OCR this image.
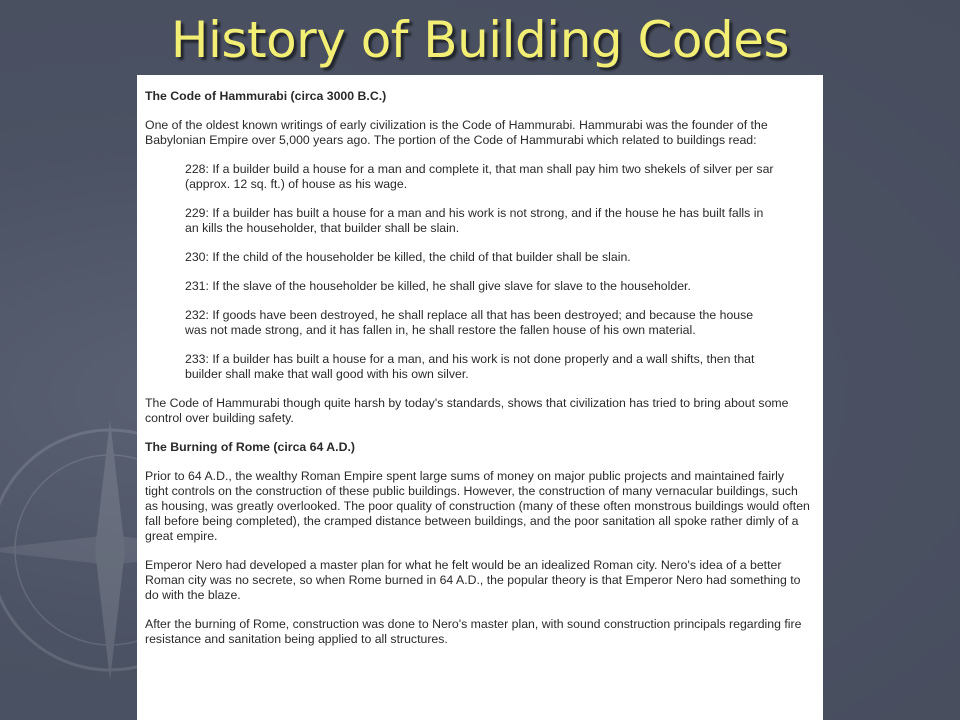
History of Building Codes

The Code of Hammurabi (circa 3000 B.C.)

One of the oldest known writings of early civilization is the Code of Hammurabi. Hammurabi was the founder of the Babylonian Empire over 5,000 years ago. The portion of the Code of Hammurabi which related to buildings read:

228: If a builder build a house for a man and complete it, that man shall pay him two shekels of silver per sar (approx. 12 sq. ft.) of house as his wage.

229: If a builder has built a house for a man and his work is not strong, and if the house he has built falls in an kills the householder, that builder shall be slain.

230: If the child of the householder be killed, the child of that builder shall be slain.

231: If the slave of the householder be killed, he shall give slave for slave to the householder.

232: If goods have been destroyed, he shall replace all that has been destroyed; and because the house was not made strong, and it has fallen in, he shall restore the fallen house of his own material.

233: If a builder has built a house for a man, and his work is not done properly and a wall shifts, then that builder shall make that wall good with his own silver.

The Code of Hammurabi though quite harsh by today's standards, shows that civilization has tried to bring about some control over building safety.

The Burning of Rome (circa 64 A.D.)

Prior to 64 A.D., the wealthy Roman Empire spent large sums of money on major public projects and maintained fairly tight controls on the construction of these public buildings. However, the construction of many vernacular buildings, such as housing, was greatly overlooked. The poor quality of construction (many of these often monstrous buildings would often fall before being completed), the cramped distance between buildings, and the poor sanitation all spoke rather dimly of a great empire.

Emperor Nero had developed a master plan for what he felt would be an idealized Roman city. Nero's idea of a better Roman city was no secrete, so when Rome burned in 64 A.D., the popular theory is that Emperor Nero had something to do with the blaze.

After the burning of Rome, construction was done to Nero's master plan, with sound construction principals regarding fire resistance and sanitation being applied to all structures.
